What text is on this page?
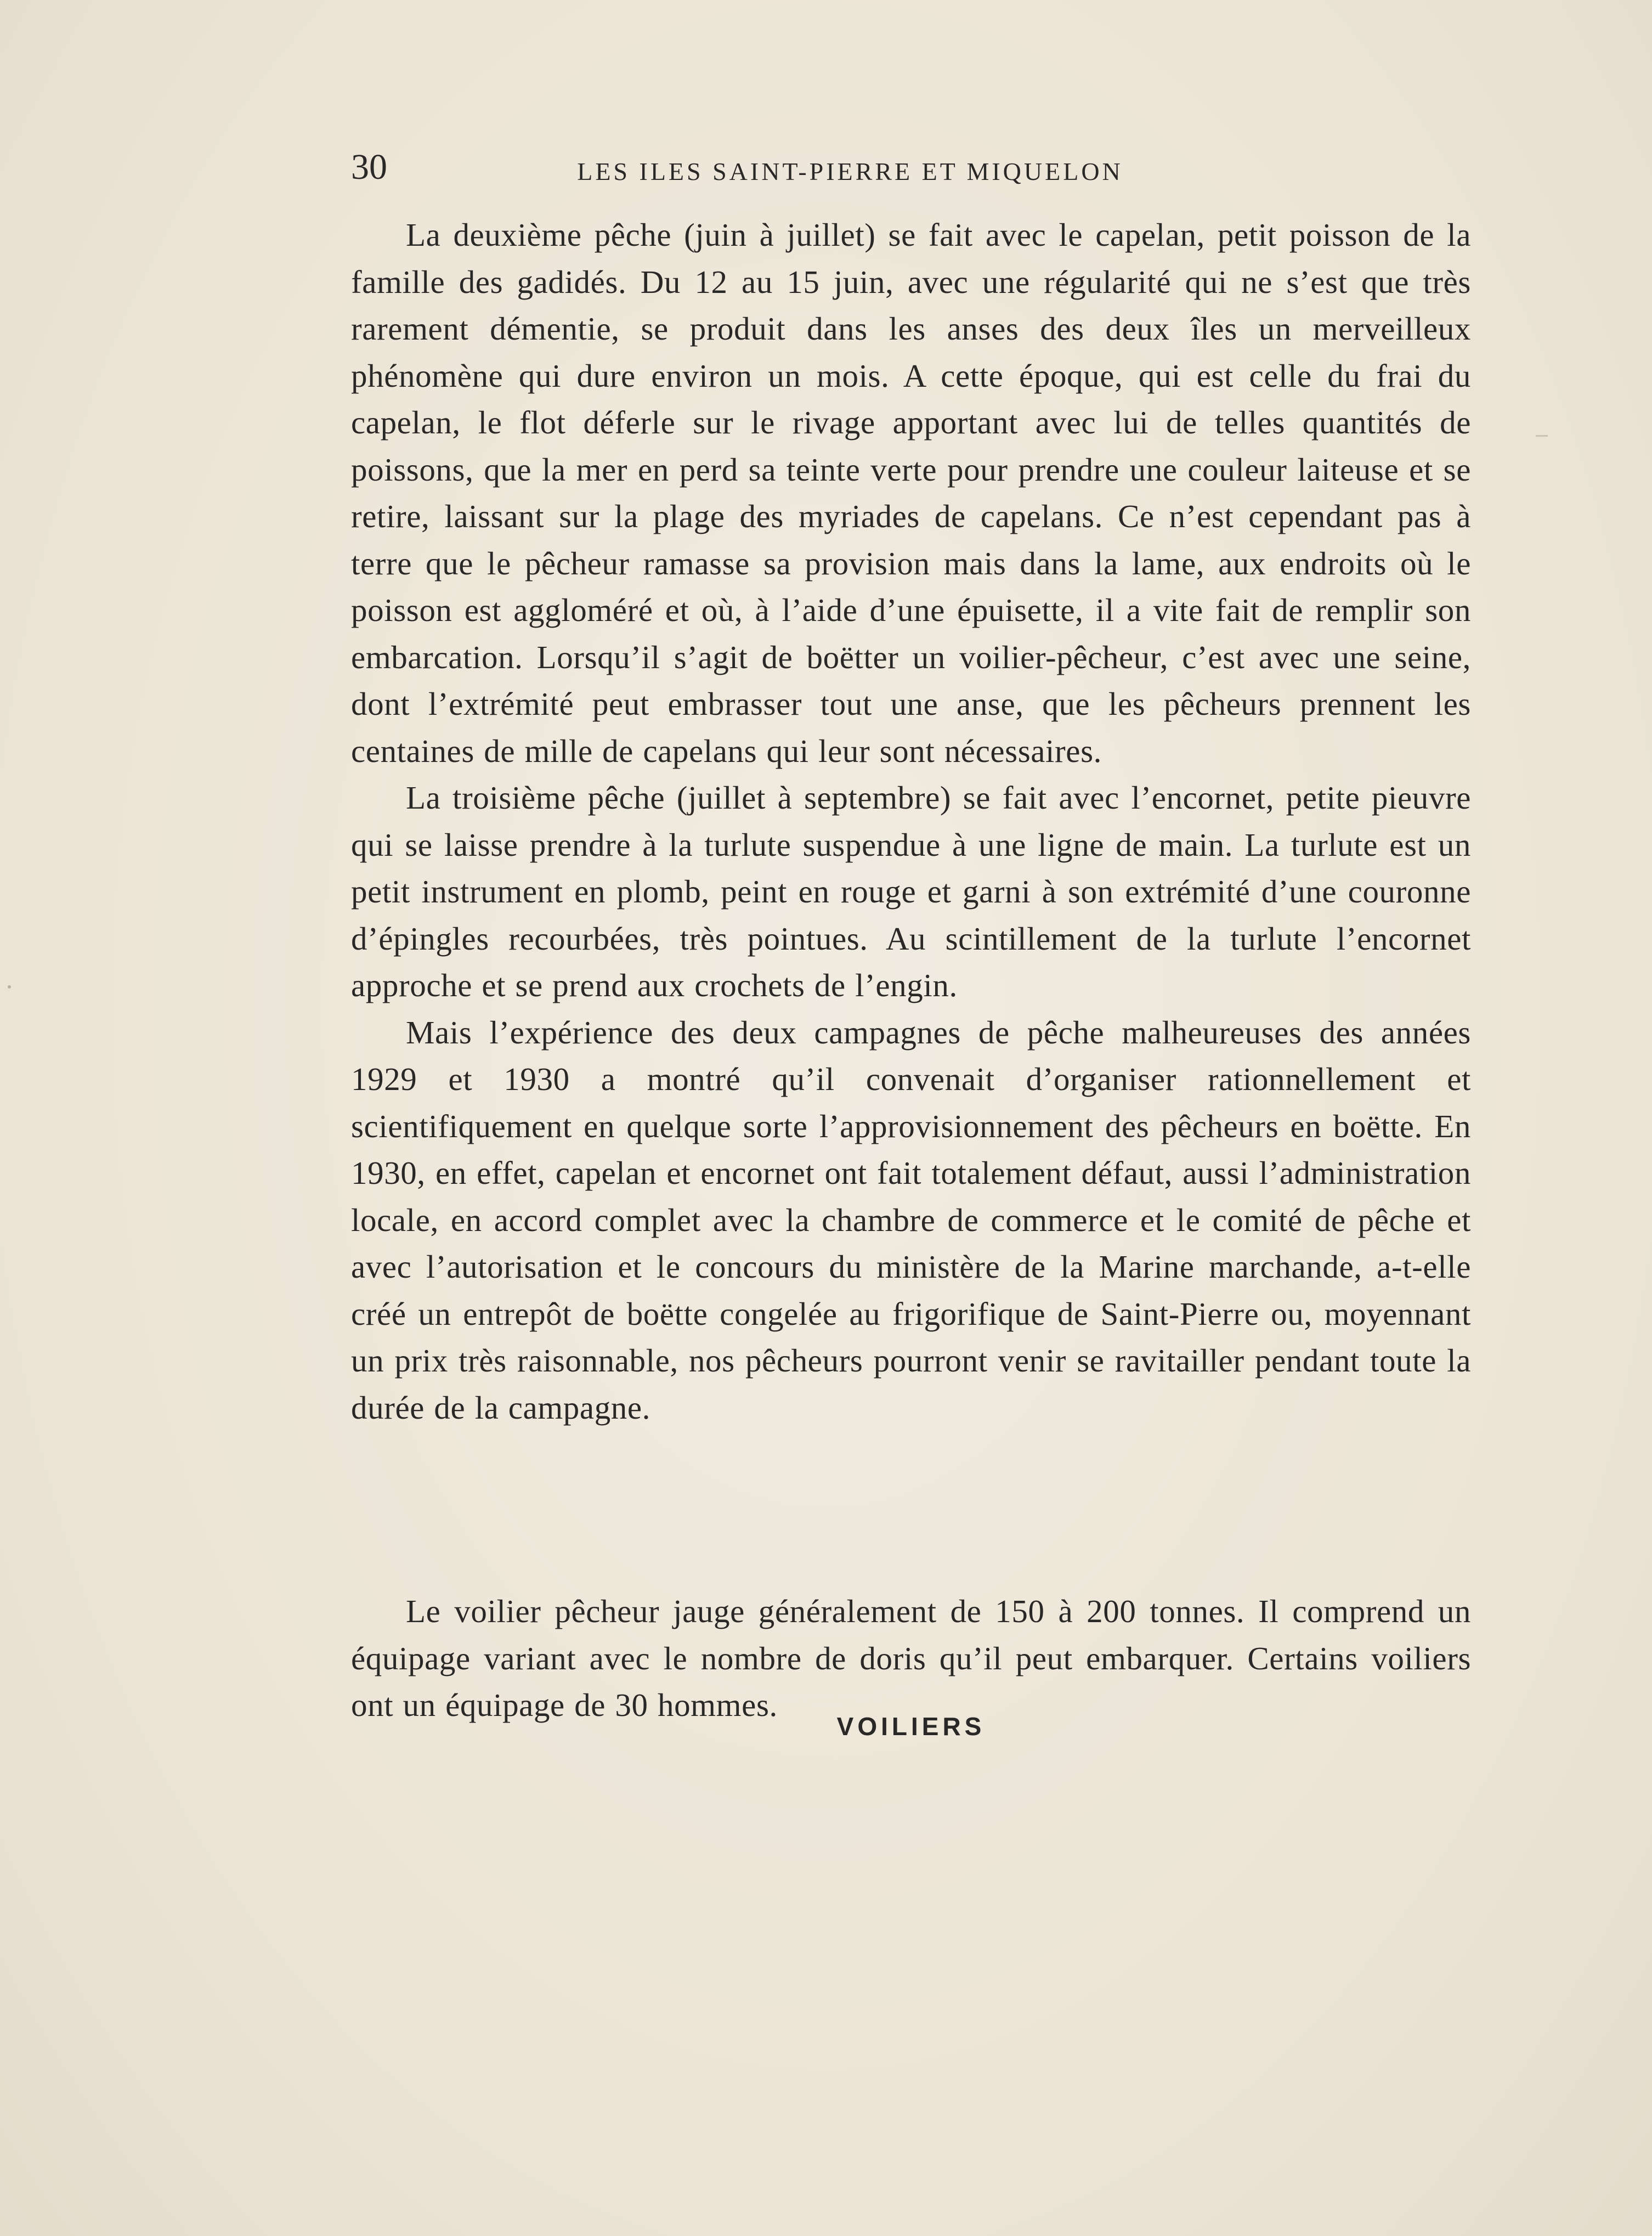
30	LES ILES SAINT-PIERRE ET MIQUELON

La deuxième pêche (juin à juillet) se fait avec le capelan, petit poisson de la famille des gadidés. Du 12 au 15 juin, avec une régularité qui ne s’est que très rarement démentie, se produit dans les anses des deux îles un merveilleux phénomène qui dure environ un mois. A cette époque, qui est celle du frai du capelan, le flot déferle sur le rivage apportant avec lui de telles quantités de poissons, que la mer en perd sa teinte verte pour prendre une couleur laiteuse et se retire, laissant sur la plage des myriades de capelans. Ce n’est cependant pas à terre que le pêcheur ramasse sa provision mais dans la lame, aux endroits où le poisson est aggloméré et où, à l’aide d’une épuisette, il a vite fait de remplir son embarcation. Lorsqu’il s’agit de boëtter un voilier-pêcheur, c’est avec une seine, dont l’extrémité peut embrasser tout une anse, que les pêcheurs prennent les centaines de mille de capelans qui leur sont nécessaires.

La troisième pêche (juillet à septembre) se fait avec l’encornet, petite pieuvre qui se laisse prendre à la turlute suspendue à une ligne de main. La turlute est un petit instrument en plomb, peint en rouge et garni à son extrémité d’une couronne d’épingles recourbées, très pointues. Au scintillement de la turlute l’encornet approche et se prend aux crochets de l’engin.

Mais l’expérience des deux campagnes de pêche malheureuses des années 1929 et 1930 a montré qu’il convenait d’organiser rationnellement et scientifiquement en quelque sorte l’approvisionnement des pêcheurs en boëtte. En 1930, en effet, capelan et encornet ont fait totalement défaut, aussi l’administration locale, en accord complet avec la chambre de commerce et le comité de pêche et avec l’autorisation et le concours du ministère de la Marine marchande, a-t-elle créé un entrepôt de boëtte congelée au frigorifique de Saint-Pierre ou, moyennant un prix très raisonnable, nos pêcheurs pourront venir se ravitailler pendant toute la durée de la campagne.

VOILIERS

Le voilier pêcheur jauge généralement de 150 à 200 tonnes. Il comprend un équipage variant avec le nombre de doris qu’il peut embarquer. Certains voiliers ont un équipage de 30 hommes.
